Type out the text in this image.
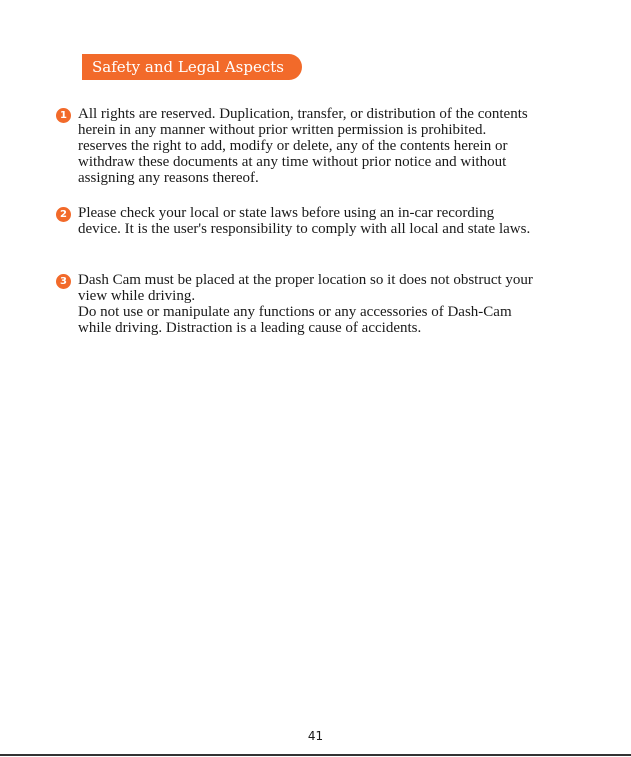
Safety and Legal Aspects
1 All rights are reserved. Duplication, transfer, or distribution of the contents herein in any manner without prior written permission is prohibited. reserves the right to add, modify or delete, any of the contents herein or withdraw these documents at any time without prior notice and without assigning any reasons thereof.

2 Please check your local or state laws before using an in-car recording device. It is the user's responsibility to comply with all local and state laws.

3 Dash Cam must be placed at the proper location so it does not obstruct your view while driving.

Do not use or manipulate any functions or any accessories of Dash-Cam while driving. Distraction is a leading cause of accidents.

41
